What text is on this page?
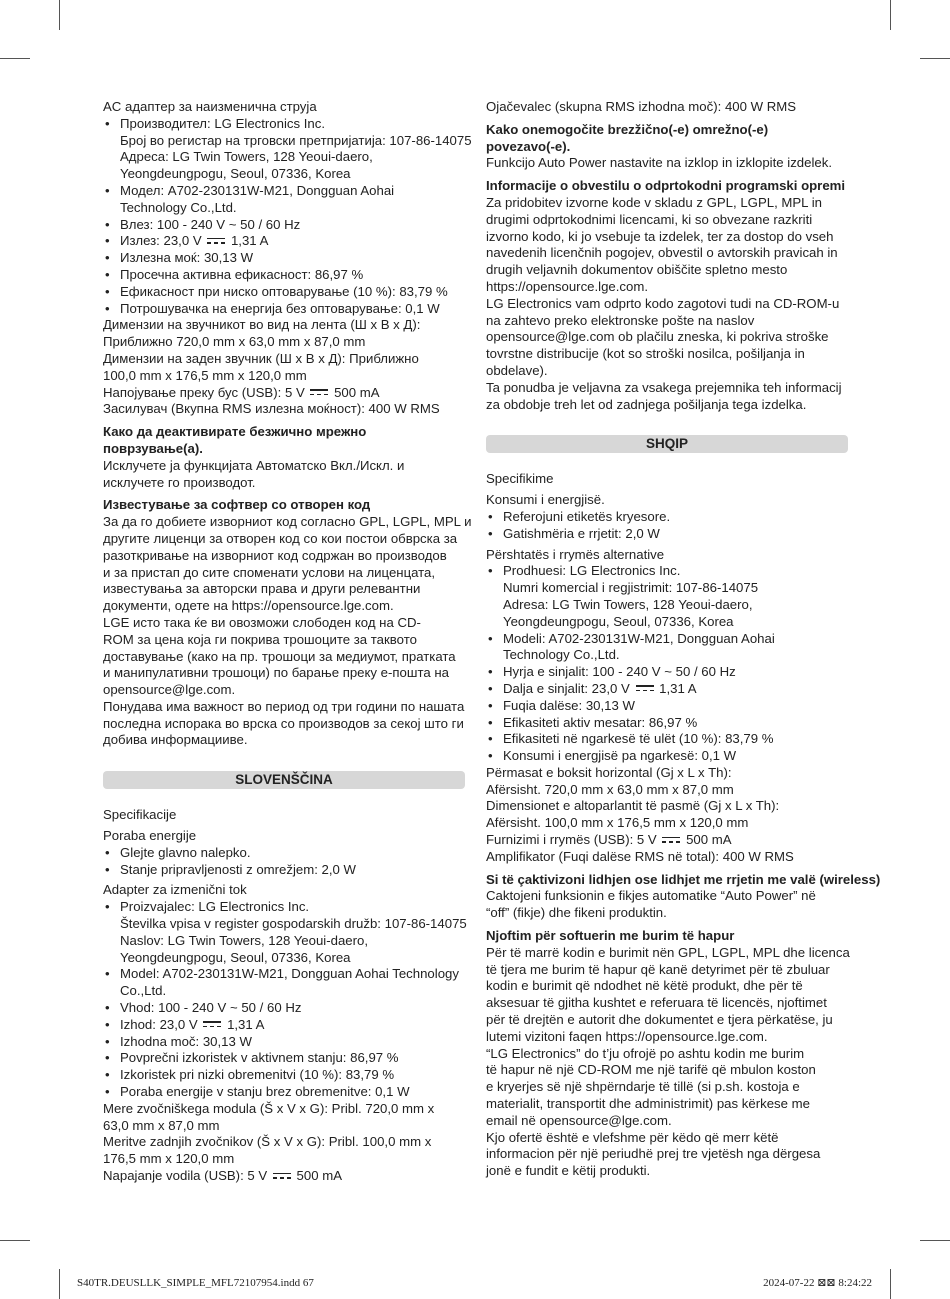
AC адаптер за наизменична струја
• Производител: LG Electronics Inc.
Број во регистар на трговски претпријатија: 107-86-14075
Адреса: LG Twin Towers, 128 Yeoui-daero,
Yeongdeungpogu, Seoul, 07336, Korea
• Модел: A702-230131W-M21, Dongguan Aohai
Technology Co.,Ltd.
• Влез: 100 - 240 V ~ 50 / 60 Hz
• Излез: 23,0 V 1,31 A
• Излезна моќ: 30,13 W
• Просечна активна ефикасност: 86,97 %
• Ефикасност при ниско оптоварување (10 %): 83,79 %
• Потрошувачка на енергија без оптоварување: 0,1 W
Димензии на звучникот во вид на лента (Ш x В x Д):
Приближно 720,0 mm x 63,0 mm x 87,0 mm
Димензии на заден звучник (Ш x В x Д): Приближно
100,0 mm x 176,5 mm x 120,0 mm
Напојување преку бус (USB): 5 V 500 mA
Засилувач (Вкупна RMS излезна моќност): 400 W RMS
Како да деактивирате безжично мрежно
поврзување(а).
Исклучете ја функцијата Автоматско Вкл./Искл. и
исклучете го производот.
Известување за софтвер со отворен код
За да го добиете изворниот код согласно GPL, LGPL, MPL и
другите лиценци за отворен код со кои постои обврска за
разоткривање на изворниот код содржан во производов
и за пристап до сите споменати услови на лиценцата,
известувања за авторски права и други релевантни
документи, одете на https://opensource.lge.com.
LGE исто така ќе ви овозможи слободен код на CD-
ROM за цена која ги покрива трошоците за таквото
доставување (како на пр. трошоци за медиумот, пратката
и манипулативни трошоци) по барање преку е-пошта на
opensource@lge.com.
Понудава има важност во период од три години по нашата
последна испорака во врска со производов за секој што ги
добива информацииве.
SLOVENŠČINA
Specifikacije
Poraba energije
• Glejte glavno nalepko.
• Stanje pripravljenosti z omrežjem: 2,0 W
Adapter za izmenični tok
• Proizvajalec: LG Electronics Inc.
Številka vpisa v register gospodarskih družb: 107-86-14075
Naslov: LG Twin Towers, 128 Yeoui-daero,
Yeongdeungpogu, Seoul, 07336, Korea
• Model: A702-230131W-M21, Dongguan Aohai Technology
Co.,Ltd.
• Vhod: 100 - 240 V ~ 50 / 60 Hz
• Izhod: 23,0 V 1,31 A
• Izhodna moč: 30,13 W
• Povprečni izkoristek v aktivnem stanju: 86,97 %
• Izkoristek pri nizki obremenitvi (10 %): 83,79 %
• Poraba energije v stanju brez obremenitve: 0,1 W
Mere zvočniškega modula (Š x V x G): Pribl. 720,0 mm x
63,0 mm x 87,0 mm
Meritve zadnjih zvočnikov (Š x V x G): Pribl. 100,0 mm x
176,5 mm x 120,0 mm
Napajanje vodila (USB): 5 V 500 mA
Ojačevalec (skupna RMS izhodna moč): 400 W RMS
Kako onemogočite brezžično(-e) omrežno(-e)
povezavo(-e).
Funkcijo Auto Power nastavite na izklop in izklopite izdelek.
Informacije o obvestilu o odprtokodni programski opremi
Za pridobitev izvorne kode v skladu z GPL, LGPL, MPL in
drugimi odprtokodnimi licencami, ki so obvezane razkriti
izvorno kodo, ki jo vsebuje ta izdelek, ter za dostop do vseh
navedenih licenčnih pogojev, obvestil o avtorskih pravicah in
drugih veljavnih dokumentov obiščite spletno mesto
https://opensource.lge.com.
LG Electronics vam odprto kodo zagotovi tudi na CD-ROM-u
na zahtevo preko elektronske pošte na naslov
opensource@lge.com ob plačilu zneska, ki pokriva stroške
tovrstne distribucije (kot so stroški nosilca, pošiljanja in
obdelave).
Ta ponudba je veljavna za vsakega prejemnika teh informacij
za obdobje treh let od zadnjega pošiljanja tega izdelka.
SHQIP
Specifikime
Konsumi i energjisë.
• Referojuni etiketës kryesore.
• Gatishmëria e rrjetit: 2,0 W
Përshtatës i rrymës alternative
• Prodhuesi: LG Electronics Inc.
Numri komercial i regjistrimit: 107-86-14075
Adresa: LG Twin Towers, 128 Yeoui-daero,
Yeongdeungpogu, Seoul, 07336, Korea
• Modeli: A702-230131W-M21, Dongguan Aohai
Technology Co.,Ltd.
• Hyrja e sinjalit: 100 - 240 V ~ 50 / 60 Hz
• Dalja e sinjalit: 23,0 V 1,31 A
• Fuqia dalëse: 30,13 W
• Efikasiteti aktiv mesatar: 86,97 %
• Efikasiteti në ngarkesë të ulët (10 %): 83,79 %
• Konsumi i energjisë pa ngarkesë: 0,1 W
Përmasat e boksit horizontal (Gj x L x Th):
Afërsisht. 720,0 mm x 63,0 mm x 87,0 mm
Dimensionet e altoparlantit të pasmë (Gj x L x Th):
Afërsisht. 100,0 mm x 176,5 mm x 120,0 mm
Furnizimi i rrymës (USB): 5 V 500 mA
Amplifikator (Fuqi dalëse RMS në total): 400 W RMS
Si të çaktivizoni lidhjen ose lidhjet me rrjetin me valë (wireless)
Caktojeni funksionin e fikjes automatike “Auto Power” në
“off” (fikje) dhe fikeni produktin.
Njoftim për softuerin me burim të hapur
Për të marrë kodin e burimit nën GPL, LGPL, MPL dhe licenca
të tjera me burim të hapur që kanë detyrimet për të zbuluar
kodin e burimit që ndodhet në këtë produkt, dhe për të
aksesuar të gjitha kushtet e referuara të licencës, njoftimet
për të drejtën e autorit dhe dokumentet e tjera përkatëse, ju
lutemi vizitoni faqen https://opensource.lge.com.
“LG Electronics” do t’ju ofrojë po ashtu kodin me burim
të hapur në një CD-ROM me një tarifë që mbulon koston
e kryerjes së një shpërndarje të tillë (si p.sh. kostoja e
materialit, transportit dhe administrimit) pas kërkese me
email në opensource@lge.com.
Kjo ofertë është e vlefshme për këdo që merr këtë
informacion për një periudhë prej tre vjetësh nga dërgesa
jonë e fundit e këtij produkti.
S40TR.DEUSLLK_SIMPLE_MFL72107954.indd 67	2024-07-22 ⊠⊠ 8:24:22
